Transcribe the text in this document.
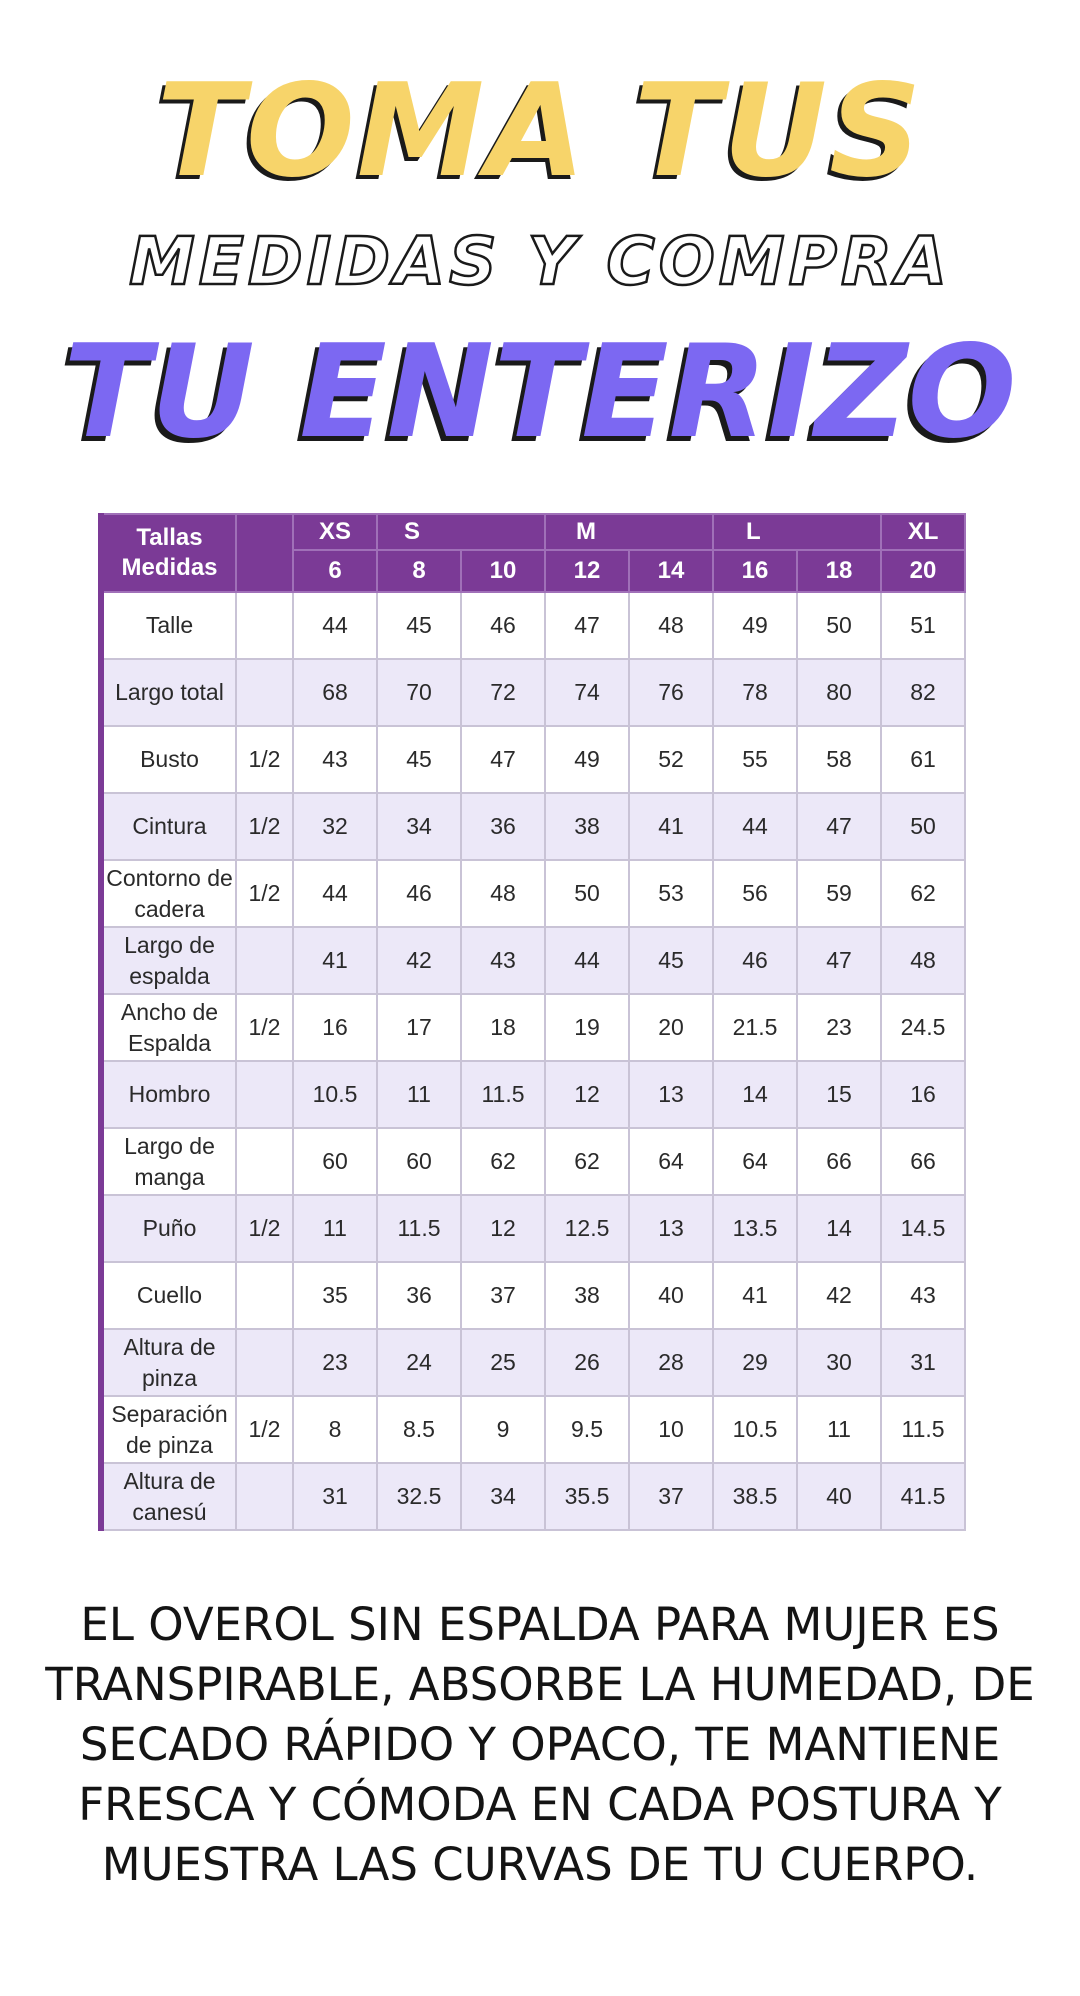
TOMA TUS
MEDIDAS Y COMPRA
TU ENTERIZO
Tallas
Medidas		XS	S		M		L		XL
		6	8	10	12	14	16	18	20
Talle		44	45	46	47	48	49	50	51
Largo total		68	70	72	74	76	78	80	82
Busto	1/2	43	45	47	49	52	55	58	61
Cintura	1/2	32	34	36	38	41	44	47	50
Contorno de cadera	1/2	44	46	48	50	53	56	59	62
Largo de espalda		41	42	43	44	45	46	47	48
Ancho de Espalda	1/2	16	17	18	19	20	21.5	23	24.5
Hombro		10.5	11	11.5	12	13	14	15	16
Largo de manga		60	60	62	62	64	64	66	66
Puño	1/2	11	11.5	12	12.5	13	13.5	14	14.5
Cuello		35	36	37	38	40	41	42	43
Altura de pinza		23	24	25	26	28	29	30	31
Separación de pinza	1/2	8	8.5	9	9.5	10	10.5	11	11.5
Altura de canesú		31	32.5	34	35.5	37	38.5	40	41.5

EL OVEROL SIN ESPALDA PARA MUJER ES TRANSPIRABLE, ABSORBE LA HUMEDAD, DE SECADO RÁPIDO Y OPACO, TE MANTIENE FRESCA Y CÓMODA EN CADA POSTURA Y MUESTRA LAS CURVAS DE TU CUERPO.
